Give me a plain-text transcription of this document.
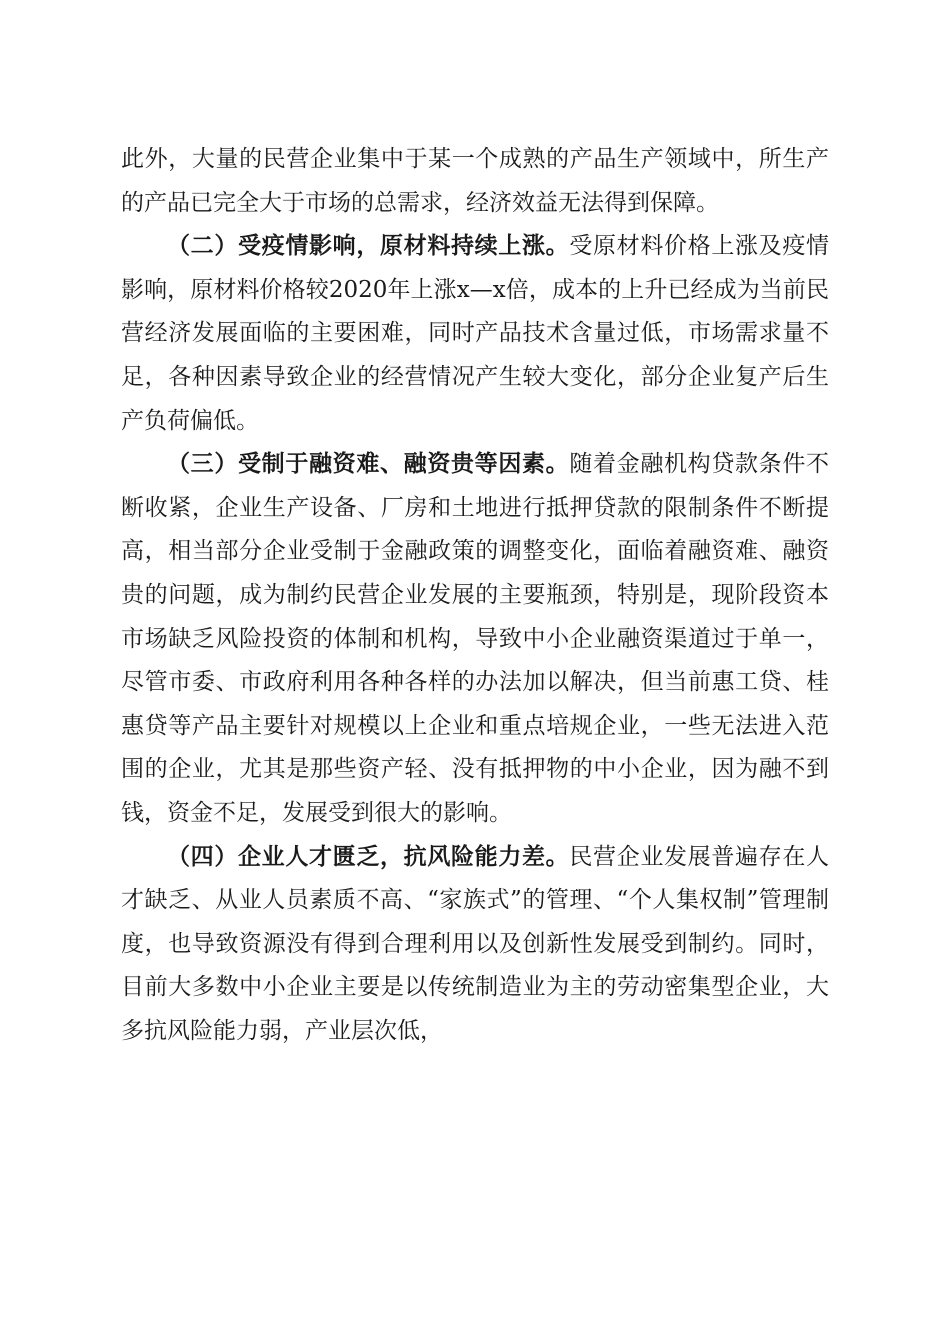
此外，大量的民营企业集中于某一个成熟的产品生产领域中，所生产的产品已完全大于市场的总需求，经济效益无法得到保障。

（二）受疫情影响，原材料持续上涨。受原材料价格上涨及疫情影响，原材料价格较2020年上涨x—x倍，成本的上升已经成为当前民营经济发展面临的主要困难，同时产品技术含量过低，市场需求量不足，各种因素导致企业的经营情况产生较大变化，部分企业复产后生产负荷偏低。

（三）受制于融资难、融资贵等因素。随着金融机构贷款条件不断收紧，企业生产设备、厂房和土地进行抵押贷款的限制条件不断提高，相当部分企业受制于金融政策的调整变化，面临着融资难、融资贵的问题，成为制约民营企业发展的主要瓶颈，特别是，现阶段资本市场缺乏风险投资的体制和机构，导致中小企业融资渠道过于单一，尽管市委、市政府利用各种各样的办法加以解决，但当前惠工贷、桂惠贷等产品主要针对规模以上企业和重点培规企业，一些无法进入范围的企业，尤其是那些资产轻、没有抵押物的中小企业，因为融不到钱，资金不足，发展受到很大的影响。

（四）企业人才匮乏，抗风险能力差。民营企业发展普遍存在人才缺乏、从业人员素质不高、“家族式”的管理、“个人集权制”管理制度，也导致资源没有得到合理利用以及创新性发展受到制约。同时，目前大多数中小企业主要是以传统制造业为主的劳动密集型企业，大多抗风险能力弱，产业层次低，
